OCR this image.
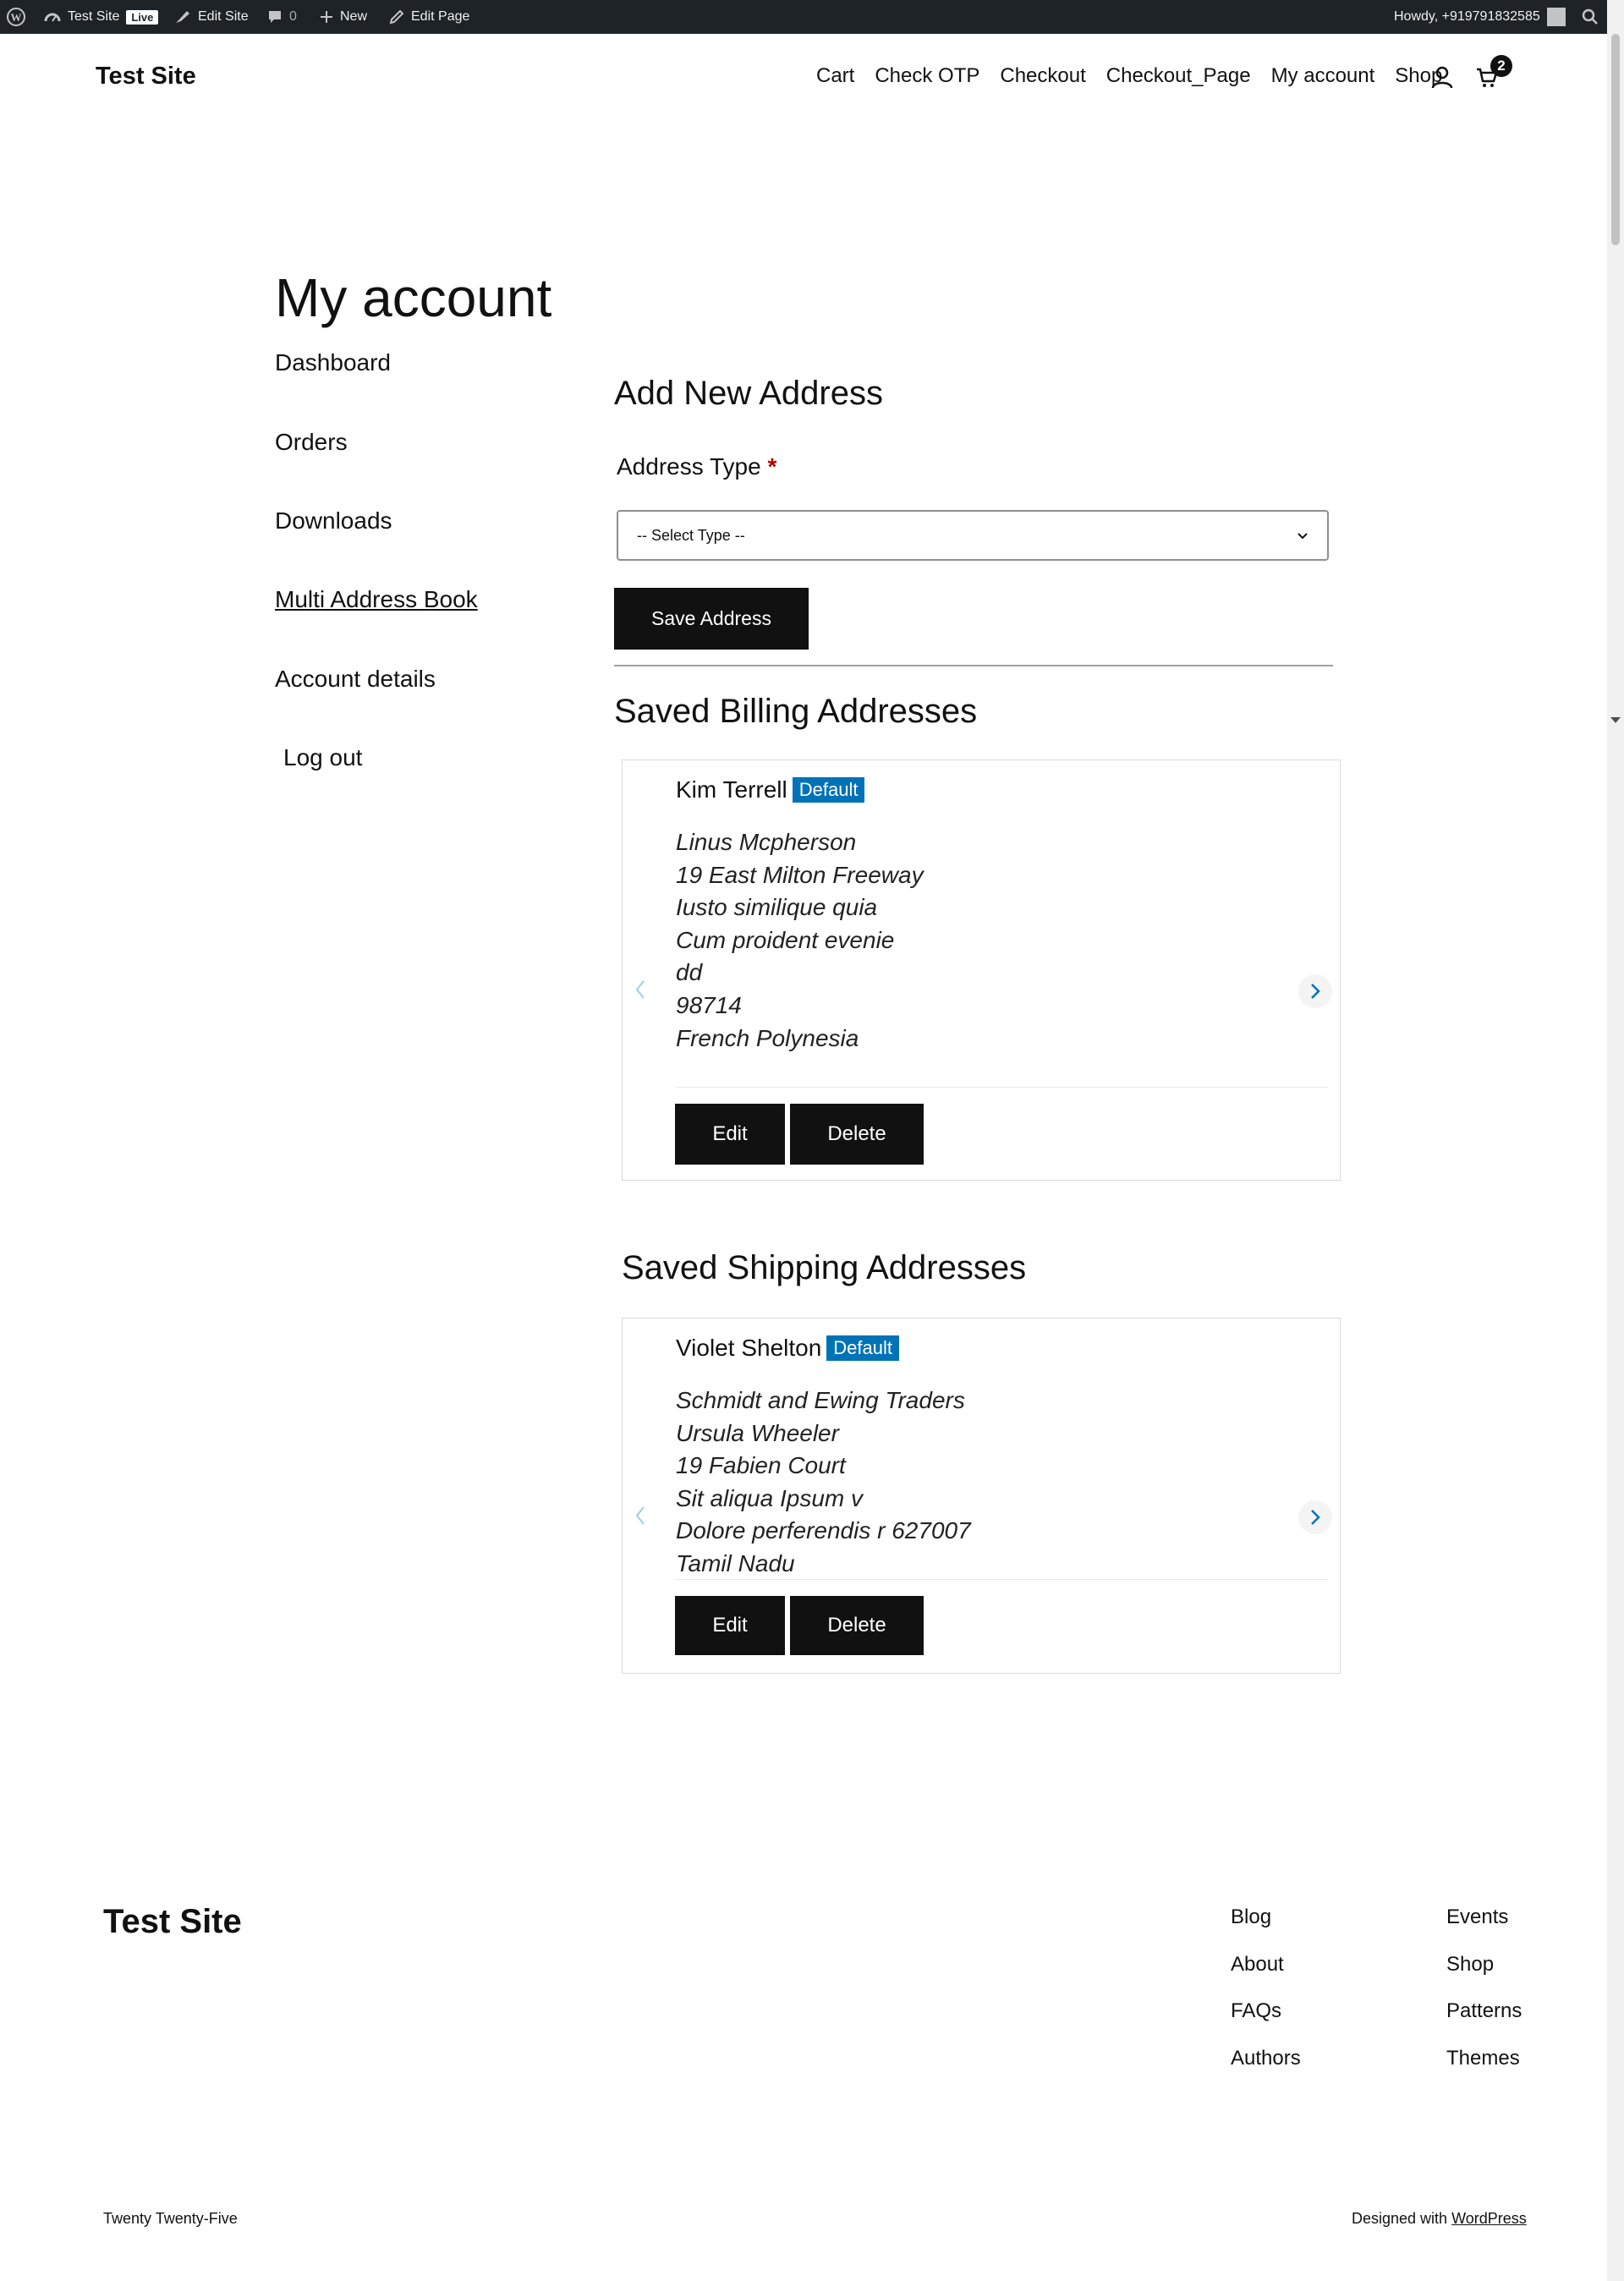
W	Test Site	Live	Edit Site	0	New	Edit Page	Howdy, +919791832585
Test Site	Cart Check OTP Checkout Checkout_Page My account Shop	2
My account
Dashboard
Orders
Downloads
Multi Address Book
Account details
Log out
Add New Address
Address Type *
-- Select Type --
Save Address
Saved Billing Addresses
Kim Terrell Default
Linus Mcpherson
19 East Milton Freeway
Iusto similique quia
Cum proident evenie
dd
98714
French Polynesia
Edit	Delete
Saved Shipping Addresses
Violet Shelton Default
Schmidt and Ewing Traders
Ursula Wheeler
19 Fabien Court
Sit aliqua Ipsum v
Dolore perferendis r 627007
Tamil Nadu
Edit	Delete
Test Site	Blog
About
FAQs
Authors
Events
Shop
Patterns
Themes
Twenty Twenty-Five	Designed with WordPress
